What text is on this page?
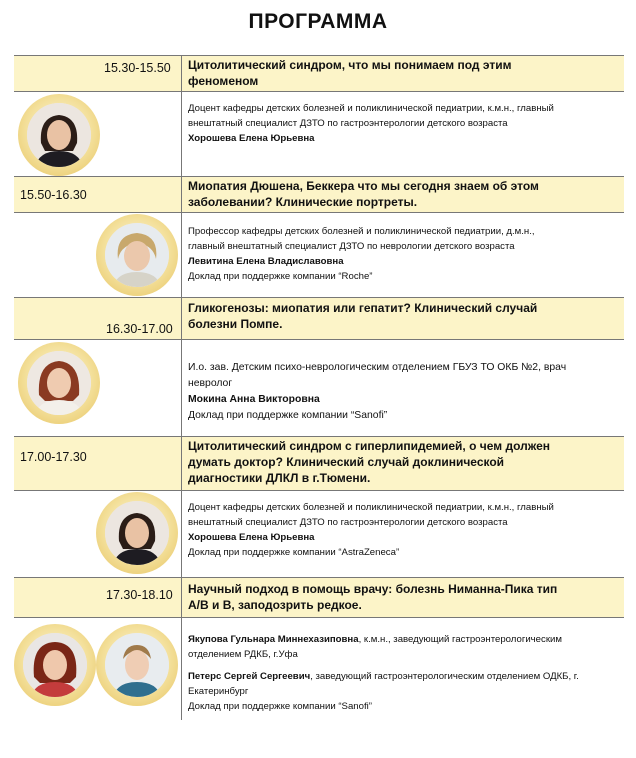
ПРОГРАММА
15.30-15.50 Цитолитический синдром, что мы понимаем под этим
феноменом
Доцент кафедры детских болезней и поликлинической педиатрии, к.м.н., главный
внештатный специалист ДЗТО по гастроэнтерологии детского возраста
Хорошева Елена Юрьевна
15.50-16.30
Миопатия Дюшена, Беккера что мы сегодня знаем об этом
заболевании? Клинические портреты.
Профессор кафедры детских болезней и поликлинической педиатрии, д.м.н.,
главный внештатный специалист ДЗТО по неврологии детского возраста
Левитина Елена Владиславовна
Доклад при поддержке компании “Roche”
16.30-17.00
Гликогенозы: миопатия или гепатит? Клинический случай
болезни Помпе.
И.о. зав. Детским психо-неврологическим отделением ГБУЗ ТО ОКБ №2, врач
невролог
Мокина Анна Викторовна
Доклад при поддержке компании “Sanofi”
17.00-17.30
Цитолитический синдром с гиперлипидемией, о чем должен
думать доктор? Клинический случай доклинической
диагностики ДЛКЛ в г.Тюмени.
Доцент кафедры детских болезней и поликлинической педиатрии, к.м.н., главный
внештатный специалист ДЗТО по гастроэнтерологии детского возраста
Хорошева Елена Юрьевна
Доклад при поддержке компании “AstraZeneca”
17.30-18.10 Научный подход в помощь врачу: болезнь Ниманна-Пика тип
А/В и В, заподозрить редкое.
Якупова Гульнара Миннехазиповна, к.м.н., заведующий гастроэнтерологическим
отделением РДКБ, г.Уфа
Петерс Сергей Сергеевич, заведующий гастроэнтерологическим отделением ОДКБ, г.
Екатеринбург
Доклад при поддержке компании “Sanofi”
